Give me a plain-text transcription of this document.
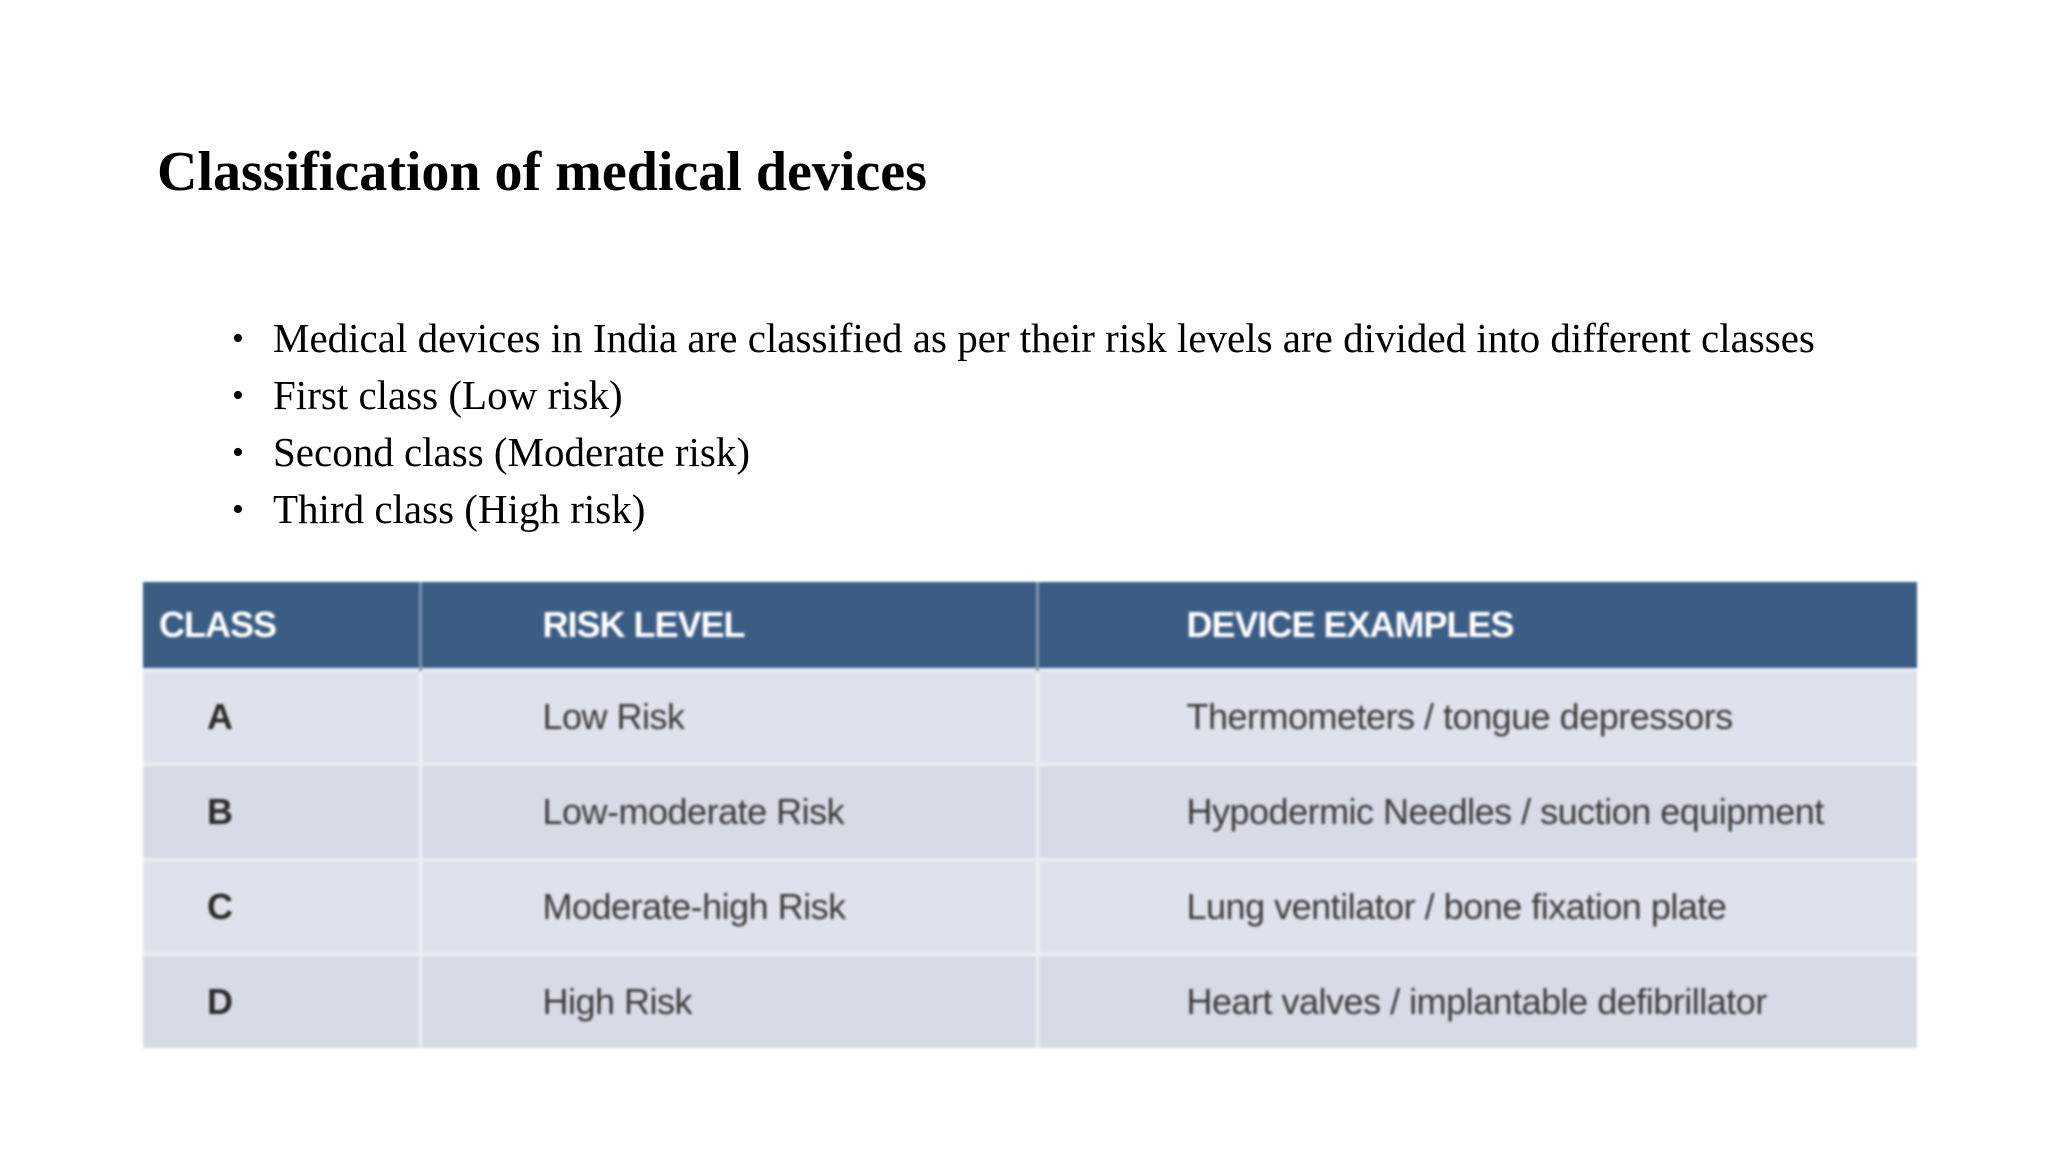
Classification of medical devices
• Medical devices in India are classified as per their risk levels are divided into different classes
• First class (Low risk)
• Second class (Moderate risk)
• Third class (High risk)
CLASS	RISK LEVEL	DEVICE EXAMPLES
A	Low Risk	Thermometers / tongue depressors
B	Low-moderate Risk	Hypodermic Needles / suction equipment
C	Moderate-high Risk	Lung ventilator / bone fixation plate
D	High Risk	Heart valves / implantable defibrillator
